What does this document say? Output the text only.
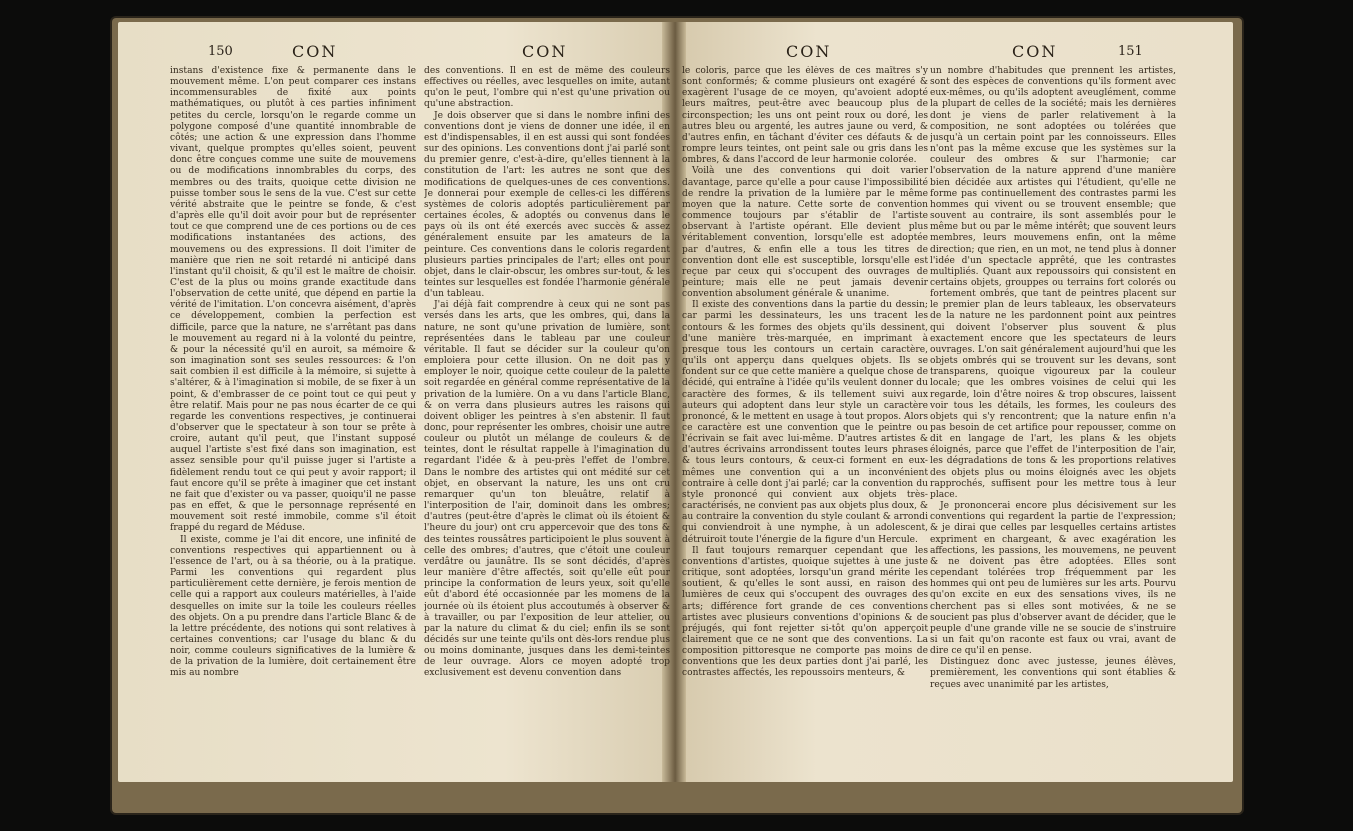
150	CON	CON	CON	CON	151

instans d'existence fixe & permanente dans le mouvement même. L'on peut comparer ces instans incommensurables de fixité aux points mathématiques, ou plutôt à ces parties infiniment petites du cercle, lorsqu'on le regarde comme un polygone composé d'une quantité innombrable de côtés; une action & une expression dans l'homme vivant, quelque promptes qu'elles soient, peuvent donc être conçues comme une suite de mouvemens ou de modifications innombrables du corps, des membres ou des traits, quoique cette division ne puisse tomber sous le sens de la vue. C'est sur cette vérité abstraite que le peintre se fonde, & c'est d'après elle qu'il doit avoir pour but de représenter tout ce que comprend une de ces portions ou de ces modifications instantanées des actions, des mouvemens ou des expressions. Il doit l'imiter de manière que rien ne soit retardé ni anticipé dans l'instant qu'il choisit, & qu'il est le maître de choisir. C'est de la plus ou moins grande exactitude dans l'observation de cette unité, que dépend en partie la vérité de l'imitation. L'on concevra aisément, d'après ce développement, combien la perfection est difficile, parce que la nature, ne s'arrêtant pas dans le mouvement au regard ni à la volonté du peintre, & pour la nécessité qu'il en auroit, sa mémoire & son imagination sont ses seules ressources: & l'on sait combien il est difficile à la mémoire, si sujette à s'altérer, & à l'imagination si mobile, de se fixer à un point, & d'embrasser de ce point tout ce qui peut y être relatif. Mais pour ne pas nous écarter de ce qui regarde les conventions respectives, je continuerai d'observer que le spectateur à son tour se prête à croire, autant qu'il peut, que l'instant supposé auquel l'artiste s'est fixé dans son imagination, est assez sensible pour qu'il puisse juger si l'artiste a fidèlement rendu tout ce qui peut y avoir rapport; il faut encore qu'il se prête à imaginer que cet instant ne fait que d'exister ou va passer, quoiqu'il ne passe pas en effet, & que le personnage représenté en mouvement soit resté immobile, comme s'il étoit frappé du regard de Méduse.

Il existe, comme je l'ai dit encore, une infinité de conventions respectives qui appartiennent ou à l'essence de l'art, ou à sa théorie, ou à la pratique. Parmi les conventions qui regardent plus particulièrement cette dernière, je ferois mention de celle qui a rapport aux couleurs matérielles, à l'aide desquelles on imite sur la toile les couleurs réelles des objets. On a pu prendre dans l'article Blanc & de la lettre précédente, des notions qui sont relatives à certaines conventions; car l'usage du blanc & du noir, comme couleurs significatives de la lumière & de la privation de la lumière, doit certainement être mis au nombre

des conventions. Il en est de même des couleurs effectives ou réelles, avec lesquelles on imite, autant qu'on le peut, l'ombre qui n'est qu'une privation ou qu'une abstraction.

Je dois observer que si dans le nombre infini des conventions dont je viens de donner une idée, il en est d'indispensables, il en est aussi qui sont fondées sur des opinions. Les conventions dont j'ai parlé sont du premier genre, c'est-à-dire, qu'elles tiennent à la constitution de l'art: les autres ne sont que des modifications de quelques-unes de ces conventions. Je donnerai pour exemple de celles-ci les différens systèmes de coloris adoptés particulièrement par certaines écoles, & adoptés ou convenus dans le pays où ils ont été exercés avec succès & assez généralement ensuite par les amateurs de la peinture. Ces conventions dans le coloris regardent plusieurs parties principales de l'art; elles ont pour objet, dans le clair-obscur, les ombres sur-tout, & les teintes sur lesquelles est fondée l'harmonie générale d'un tableau.

J'ai déjà fait comprendre à ceux qui ne sont pas versés dans les arts, que les ombres, qui, dans la nature, ne sont qu'une privation de lumière, sont représentées dans le tableau par une couleur véritable. Il faut se décider sur la couleur qu'on emploiera pour cette illusion. On ne doit pas y employer le noir, quoique cette couleur de la palette soit regardée en général comme représentative de la privation de la lumière. On a vu dans l'article Blanc, & on verra dans plusieurs autres les raisons qui doivent obliger les peintres à s'en abstenir. Il faut donc, pour représenter les ombres, choisir une autre couleur ou plutôt un mélange de couleurs & de teintes, dont le résultat rappelle à l'imagination du regardant l'idée & à peu-près l'effet de l'ombre. Dans le nombre des artistes qui ont médité sur cet objet, en observant la nature, les uns ont cru remarquer qu'un ton bleuâtre, relatif à l'interposition de l'air, dominoit dans les ombres; d'autres (peut-être d'après le climat où ils étoient & l'heure du jour) ont cru appercevoir que des tons & des teintes roussâtres participoient le plus souvent à celle des ombres; d'autres, que c'étoit une couleur verdâtre ou jaunâtre. Ils se sont décidés, d'après leur manière d'être affectés, soit qu'elle eût pour principe la conformation de leurs yeux, soit qu'elle eût d'abord été occasionnée par les momens de la journée où ils étoient plus accoutumés à observer & à travailler, ou par l'exposition de leur attelier, ou par la nature du climat & du ciel; enfin ils se sont décidés sur une teinte qu'ils ont dès-lors rendue plus ou moins dominante, jusques dans les demi-teintes de leur ouvrage. Alors ce moyen adopté trop exclusivement est devenu convention dans

le coloris, parce que les élèves de ces maîtres s'y sont conformés; & comme plusieurs ont exagéré & exagèrent l'usage de ce moyen, qu'avoient adopté leurs maîtres, peut-être avec beaucoup plus de circonspection; les uns ont peint roux ou doré, les autres bleu ou argenté, les autres jaune ou verd, & d'autres enfin, en tâchant d'éviter ces défauts & de rompre leurs teintes, ont peint sale ou gris dans les ombres, & dans l'accord de leur harmonie colorée.

Voilà une des conventions qui doit varier davantage, parce qu'elle a pour cause l'impossibilité de rendre la privation de la lumière par le même moyen que la nature. Cette sorte de convention commence toujours par s'établir de l'artiste observant à l'artiste opérant. Elle devient plus véritablement convention, lorsqu'elle est adoptée par d'autres, & enfin elle a tous les titres de convention dont elle est susceptible, lorsqu'elle est reçue par ceux qui s'occupent des ouvrages de peinture; mais elle ne peut jamais devenir convention absolument générale & unanime.

Il existe des conventions dans la partie du dessin; car parmi les dessinateurs, les uns tracent les contours & les formes des objets qu'ils dessinent, d'une manière très-marquée, en imprimant à presque tous les contours un certain caractère, qu'ils ont apperçu dans quelques objets. Ils se fondent sur ce que cette manière a quelque chose de décidé, qui entraîne à l'idée qu'ils veulent donner du caractère des formes, & ils tellement suivi aux auteurs qui adoptent dans leur style un caractère prononcé, & le mettent en usage à tout propos. Alors ce caractère est une convention que le peintre ou l'écrivain se fait avec lui-même. D'autres artistes & d'autres écrivains arrondissent toutes leurs phrases & tous leurs contours, & ceux-ci forment en eux-mêmes une convention qui a un inconvénient contraire à celle dont j'ai parlé; car la convention du style prononcé qui convient aux objets très-caractérisés, ne convient pas aux objets plus doux, & au contraire la convention du style coulant & arrondi qui conviendroit à une nymphe, à un adolescent, détruiroit toute l'énergie de la figure d'un Hercule.

Il faut toujours remarquer cependant que les conventions d'artistes, quoique sujettes à une juste critique, sont adoptées, lorsqu'un grand mérite les soutient, & qu'elles le sont aussi, en raison des lumières de ceux qui s'occupent des ouvrages des arts; différence fort grande de ces conventions artistes avec plusieurs conventions d'opinions & de préjugés, qui font rejetter si-tôt qu'on apperçoit clairement que ce ne sont que des conventions. La composition pittoresque ne comporte pas moins de conventions que les deux parties dont j'ai parlé, les contrastes affectés, les repoussoirs menteurs, &

un nombre d'habitudes que prennent les artistes, sont des espèces de conventions qu'ils forment avec eux-mêmes, ou qu'ils adoptent aveuglément, comme la plupart de celles de la société; mais les dernières dont je viens de parler relativement à la composition, ne sont adoptées ou tolérées que jusqu'à un certain point par les connoisseurs. Elles n'ont pas la même excuse que les systèmes sur la couleur des ombres & sur l'harmonie; car l'observation de la nature apprend d'une manière bien décidée aux artistes qui l'étudient, qu'elle ne forme pas continuellement des contrastes parmi les hommes qui vivent ou se trouvent ensemble; que souvent au contraire, ils sont assemblés pour le même but ou par le même intérêt; que souvent leurs membres, leurs mouvemens enfin, ont la même direction; que rien, en un mot, ne tend plus à donner l'idée d'un spectacle apprêté, que les contrastes multipliés. Quant aux repoussoirs qui consistent en certains objets, grouppes ou terrains fort colorés ou fortement ombrés, que tant de peintres placent sur le premier plan de leurs tableaux, les observateurs de la nature ne les pardonnent point aux peintres qui doivent l'observer plus souvent & plus exactement encore que les spectateurs de leurs ouvrages. L'on sait généralement aujourd'hui que les objets ombrés qui se trouvent sur les devans, sont transparens, quoique vigoureux par la couleur locale; que les ombres voisines de celui qui les regarde, loin d'être noires & trop obscures, laissent voir tous les détails, les formes, les couleurs des objets qui s'y rencontrent; que la nature enfin n'a pas besoin de cet artifice pour repousser, comme on dit en langage de l'art, les plans & les objets éloignés, parce que l'effet de l'interposition de l'air, les dégradations de tons & les proportions relatives des objets plus ou moins éloignés avec les objets rapprochés, suffisent pour les mettre tous à leur place.

Je prononcerai encore plus décisivement sur les conventions qui regardent la partie de l'expression; & je dirai que celles par lesquelles certains artistes expriment en chargeant, & avec exagération les affections, les passions, les mouvemens, ne peuvent & ne doivent pas être adoptées. Elles sont cependant tolérées trop fréquemment par les hommes qui ont peu de lumières sur les arts. Pourvu qu'on excite en eux des sensations vives, ils ne cherchent pas si elles sont motivées, & ne se soucient pas plus d'observer avant de décider, que le peuple d'une grande ville ne se soucie de s'instruire si un fait qu'on raconte est faux ou vrai, avant de dire ce qu'il en pense.

Distinguez donc avec justesse, jeunes élèves, premièrement, les conventions qui sont établies & reçues avec unanimité par les artistes,
